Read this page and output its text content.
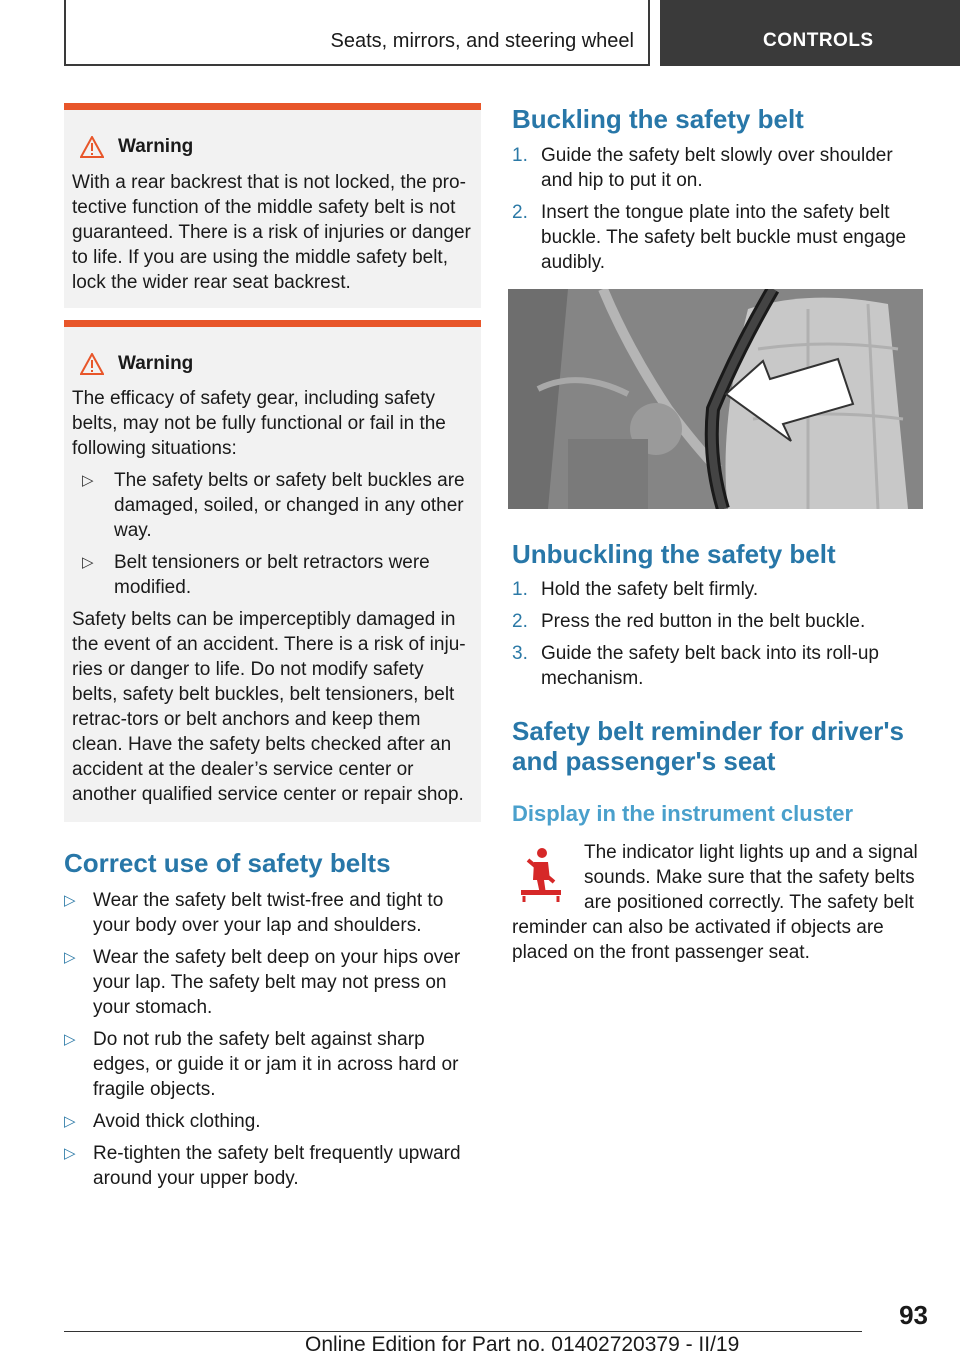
Seats, mirrors, and steering wheel	CONTROLS
Warning
With a rear backrest that is not locked, the pro-tective function of the middle safety belt is not guaranteed. There is a risk of injuries or danger to life. If you are using the middle safety belt, lock the wider rear seat backrest.
Warning
The efficacy of safety gear, including safety belts, may not be fully functional or fail in the following situations:
▷ The safety belts or safety belt buckles are damaged, soiled, or changed in any other way.
▷ Belt tensioners or belt retractors were modified.
Safety belts can be imperceptibly damaged in the event of an accident. There is a risk of inju-ries or danger to life. Do not modify safety belts, safety belt buckles, belt tensioners, belt retrac-tors or belt anchors and keep them clean. Have the safety belts checked after an accident at the dealer’s service center or another qualified service center or repair shop.
Correct use of safety belts
▷ Wear the safety belt twist-free and tight to your body over your lap and shoulders.
▷ Wear the safety belt deep on your hips over your lap. The safety belt may not press on your stomach.
▷ Do not rub the safety belt against sharp edges, or guide it or jam it in across hard or fragile objects.
▷ Avoid thick clothing.
▷ Re-tighten the safety belt frequently upward around your upper body.
Buckling the safety belt
1. Guide the safety belt slowly over shoulder and hip to put it on.
2. Insert the tongue plate into the safety belt buckle. The safety belt buckle must engage audibly.
Unbuckling the safety belt
1. Hold the safety belt firmly.
2. Press the red button in the belt buckle.
3. Guide the safety belt back into its roll-up mechanism.
Safety belt reminder for driver's and passenger's seat
Display in the instrument cluster
The indicator light lights up and a signal sounds. Make sure that the safety belts are positioned correctly. The safety belt reminder can also be activated if objects are placed on the front passenger seat.
93
Online Edition for Part no. 01402720379 - II/19
